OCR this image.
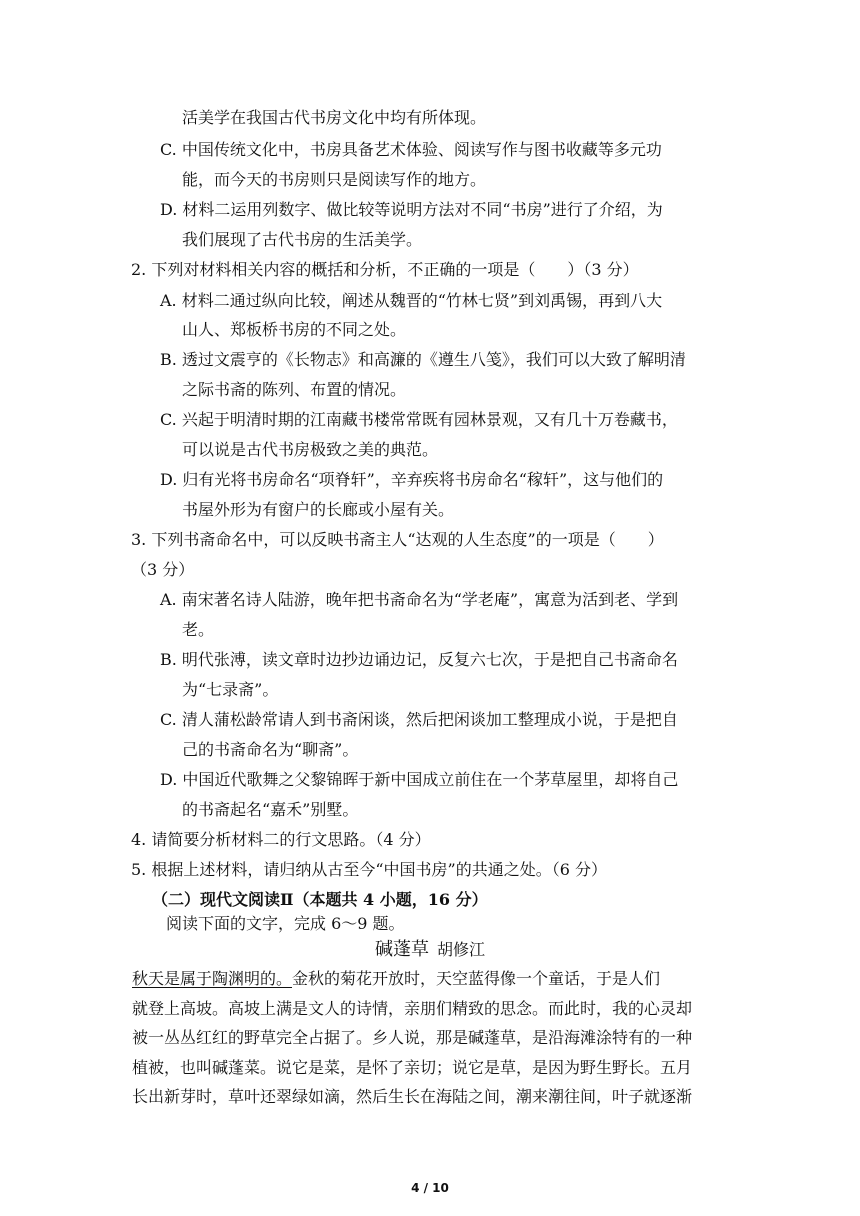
活美学在我国古代书房文化中均有所体现。
C. 中国传统文化中，书房具备艺术体验、阅读写作与图书收藏等多元功
能，而今天的书房则只是阅读写作的地方。
D. 材料二运用列数字、做比较等说明方法对不同“书房”进行了介绍，为
我们展现了古代书房的生活美学。
2. 下列对材料相关内容的概括和分析，不正确的一项是（　　）（3 分）
A. 材料二通过纵向比较，阐述从魏晋的“竹林七贤”到刘禹锡，再到八大
山人、郑板桥书房的不同之处。
B. 透过文震亨的《长物志》和高濂的《遵生八笺》，我们可以大致了解明清
之际书斋的陈列、布置的情况。
C. 兴起于明清时期的江南藏书楼常常既有园林景观，又有几十万卷藏书，
可以说是古代书房极致之美的典范。
D. 归有光将书房命名“项脊轩”，辛弃疾将书房命名“稼轩”，这与他们的
书屋外形为有窗户的长廊或小屋有关。
3. 下列书斋命名中，可以反映书斋主人“达观的人生态度”的一项是（　　）
（3 分）
A. 南宋著名诗人陆游，晚年把书斋命名为“学老庵”，寓意为活到老、学到
老。
B. 明代张溥，读文章时边抄边诵边记，反复六七次，于是把自己书斋命名
为“七录斋”。
C. 清人蒲松龄常请人到书斋闲谈，然后把闲谈加工整理成小说，于是把自
己的书斋命名为“聊斋”。
D. 中国近代歌舞之父黎锦晖于新中国成立前住在一个茅草屋里，却将自己
的书斋起名“嘉禾”别墅。
4. 请简要分析材料二的行文思路。（4 分）
5. 根据上述材料，请归纳从古至今“中国书房”的共通之处。（6 分）
（二）现代文阅读Ⅱ（本题共 4 小题，16 分）
阅读下面的文字，完成 6～9 题。
碱蓬草 胡修江
秋天是属于陶渊明的。金秋的菊花开放时，天空蓝得像一个童话，于是人们
就登上高坡。高坡上满是文人的诗情，亲朋们精致的思念。而此时，我的心灵却
被一丛丛红红的野草完全占据了。乡人说，那是碱蓬草，是沿海滩涂特有的一种
植被，也叫碱蓬菜。说它是菜，是怀了亲切；说它是草，是因为野生野长。五月
长出新芽时，草叶还翠绿如滴，然后生长在海陆之间，潮来潮往间，叶子就逐渐
4 / 10
